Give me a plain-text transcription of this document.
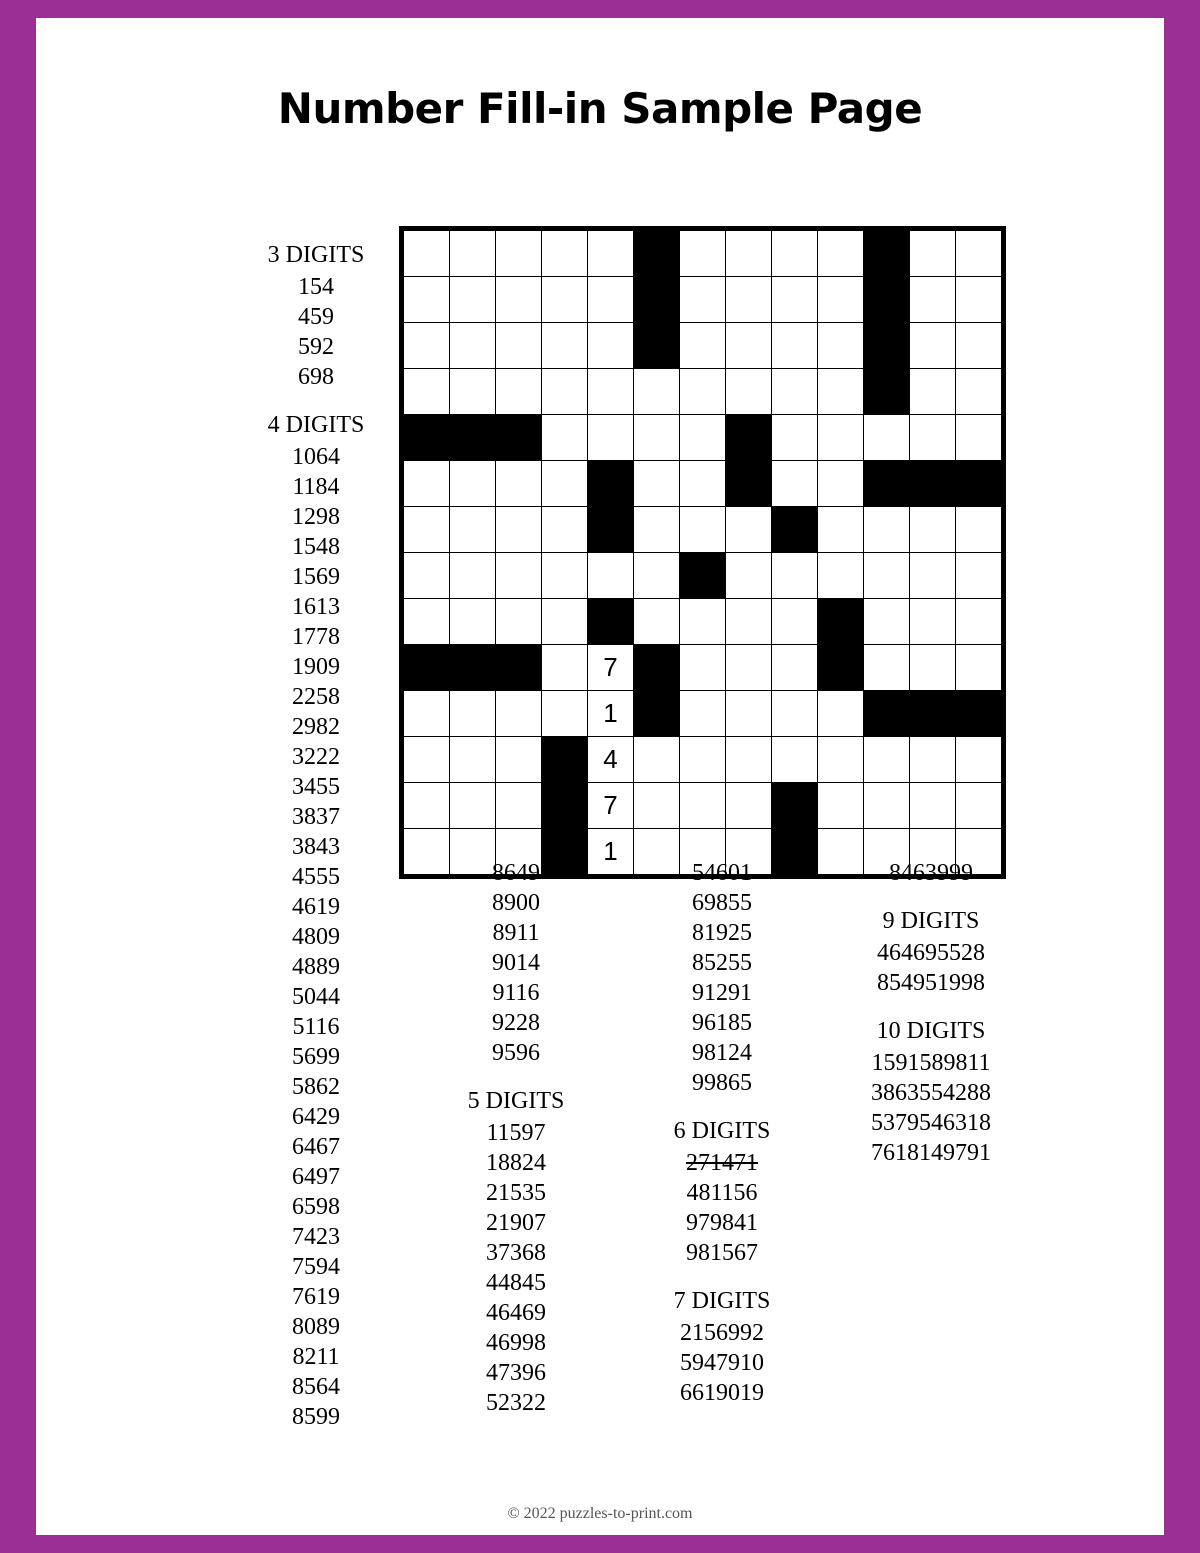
Number Fill-in Sample Page

				7								
				1								
				4								
				7								
				1								
3 DIGITS
154
459
592
698
4 DIGITS
1064
1184
1298
1548
1569
1613
1778
1909
2258
2982
3222
3455
3837
3843
4555
4619
4809
4889
5044
5116
5699
5862
6429
6467
6497
6598
7423
7594
7619
8089
8211
8564
8599
8649
8900
8911
9014
9116
9228
9596
5 DIGITS
11597
18824
21535
21907
37368
44845
46469
46998
47396
52322
54601
69855
81925
85255
91291
96185
98124
99865
6 DIGITS
271471
481156
979841
981567
7 DIGITS
2156992
5947910
6619019
8463999
9 DIGITS
464695528
854951998
10 DIGITS
1591589811
3863554288
5379546318
7618149791
© 2022 puzzles-to-print.com
